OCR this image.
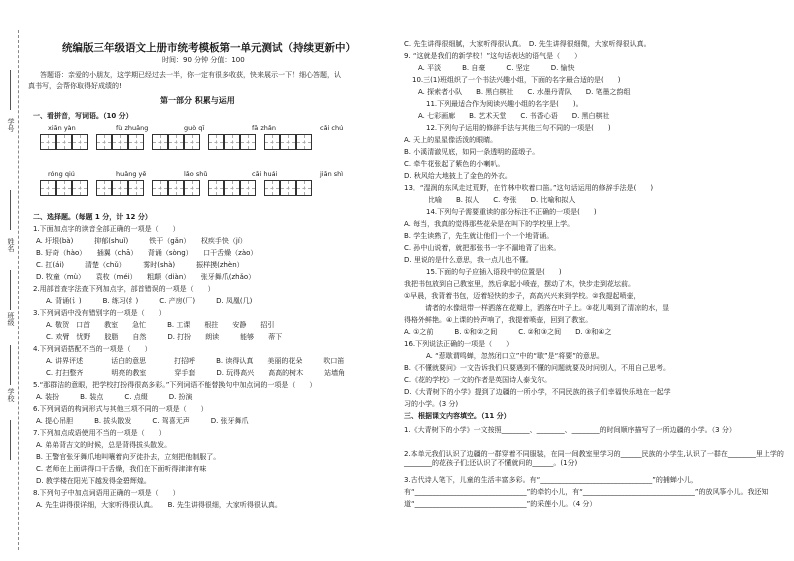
学号
姓名
班级
学校
统编版三年级语文上册市统考模板第一单元测试（持续更新中）
时间：90 分钟 分值：100
答题语：亲爱的小朋友，这学期已经过去一半，你一定有很多收获，快来展示一下！细心答题，认
真书写，会帮你取得好成绩的!
第一部分 积累与运用
一、看拼音，写词语。（10 分）
xiān yàn	fù zhuāng	guò qī	fā zhǎn	cǎi chú
róng qiú	huǎng yē	lǎo shǔ	cāi huái	jiān shì
二、选择题。（每题 1 分，计 12 分）
1.下面加点字的读音全部正确的一项是（　　）
A. 圩垠(bà)　　　抑郁(shuǐ)　　　铁干（gǎn）　　权疾手快（jí）
B. 好奇（hào）　　插翼（chā）　　背诵（sòng）　　口干舌燥（zào）
C. 扛(ái)　　　清楚（chǔ）　　　雾时(shà)　　　振样摸(zhèn）
D. 牧童（mù）　　袁枚（méi）　　粗颠（diàn）　　张牙舞爪(zhǎo）
2.用部首查字法查下列加点字，部首错误的一项是（　　）
A. 背诵(讠)　　　B. 练习(纟)　　　C. 产房(厂)　　　D. 凤凰(几)
3.下列词语中没有错别字的一项是（　　）
A. 敬贺　口首　　教室　　急忙　　　B. 工课　　根拄　　安静　　招引
C. 欢臂　忧野　　胶脂　　自然　　　D. 打扮　　朗读　　　能够　　蒂下
4.下列词语搭配不当的一项是（　　）
A. 讲界评述　　　　话白的意思　　　　打招呼　　　B. 读得认真　　美丽的花朵　　　吹口笛
C. 打扫整齐　　　　明亮的教室　　　　穿手套　　　D. 玩得高兴　　高高的树木　　　站墙角
5.“那群洁的意眼，把学校打扮得很高多彩。”下列词语不能替换句中加点词的一项是（　　）
A. 装扮　　　B. 装点　　　C. 点缀　　　D. 扮演
6.下列词语的构词形式与其他三项不同的一项是（　　）
A. 提心吊胆　　　B. 拔头散发　　　C. 驾喜无声　　　D. 张牙舞爪
7.下列加点成语使用不当的一项是（　　）
A. 弟弟背吉文的时候，总是背得拔头散发。
B. 王警官张牙舞爪地叫嚷着向歹徒扑去，立刻把他制服了。
C. 老师在上面讲得口干舌燥，我们在下面听得津津有味
D. 教学楼在阳光下越发得金碧辉煌。
8.下列句子中加点词语用正确的一项是（　　）
A. 先生讲得很详细，大家听得很认真。　　B. 先生讲得很细，大家听得很认真。
C. 先生讲得很细腻，大家听得很认真。　D. 先生讲得很细微，大家听得很认真。
9. “这就是我们的新学校！”这句话表达的语气是（　　）
A. 平淡　　　B. 自豪　　　C. 坚定　　　D. 愉快
10.三(1)班组织了一个书法兴趣小组，下面的名字最合适的是(　　)
A. 探索者小队　　B. 黑白棋社　　C. 水墨丹青队　　D. 笔墨之韵组
11.下列最适合作为阅读兴趣小组的名字是(　　)。
A. 七彩画廊　　B. 艺术天堂　　C. 书香心语　　D. 黑白棋社
12.下列句子运用的修辞手法与其他三句不同的一项是(　　)
A. 天上的星星像活泼的眼睛。
B. 小溪清澈见底，如同一条透明的蓝缎子。
C. 牵牛花张起了紫色的小喇叭。
D. 秋风给大地披上了金色的外衣。
13．“湿润的东风走过荒野，在竹林中吹着口笛。”这句话运用的修辞手法是(　　)
比喻　　B. 拟人　　C. 夸张　　D. 比喻和拟人
14.下列句子需要重读的部分标注不正确的一项是(　　)
A. 每当，我真的觉得那些花朵是在叫下的学校里上学。
B. 学生读熟了，先生就让他们一个一个地背诵。
C. 孙中山说着，就把那张书一字不漏地背了出来。
D. 里说的是什么意思，我一点儿也不懂。
15.下面的句子应插入语段中的位置是(　　)
我把书包放到自己教室里，然后拿起小喷壶，摆动了木，快步走到花坛前。
①早晨，我背着书包，迈着轻快的步子，高高兴兴来到学校。②我提起喷壶，
　　　请者的水像纽带一样洒落在花瓣上，洒落在叶子上。③花儿喝到了清凉的水，显
得格外鲜艳。④上课的铃声响了，我提着喷壶，回到了教室。
A. ①之前　　　B. ①和②之间　　　C. ②和③之间　　D. ③和④之
16.下列说法正确的一项是（　　）
A. “惹歇谓鸣蝉，忽然闭口立”中的“歇”是“将要”的意思。
B.《不懂就要问》一文告诉我们只要遇到不懂的问题就要及时问别人，不用自己思考。
C.《花的学校》一文的作者是英国诗人泰戈尔。
D.《大青树下的小学》提到了边疆的一所小学，不同民族的孩子们幸福快乐地在一起学
习的小学。(3 分)
三、根据课文内容填空。（11 分）
1.《大青树下的小学》一文按照________、________、________的时间顺序描写了一所边疆的小学。（3 分）
2.本单元我们认识了边疆的一群穿着不同服装，在同一间教室里学习的______民族的小学生,认识了一群在________里上学的________的花孩子们;还认识了不懂就问的______。(1分)
3.古代诗人笔下，儿童的生活丰富多彩。有“________________________________”的捕蝉小儿，有“________________________________”的牵钓小儿，有“________________________________”的放风筝小儿。我还知道“________________________________”的采莲小儿。（4 分）
